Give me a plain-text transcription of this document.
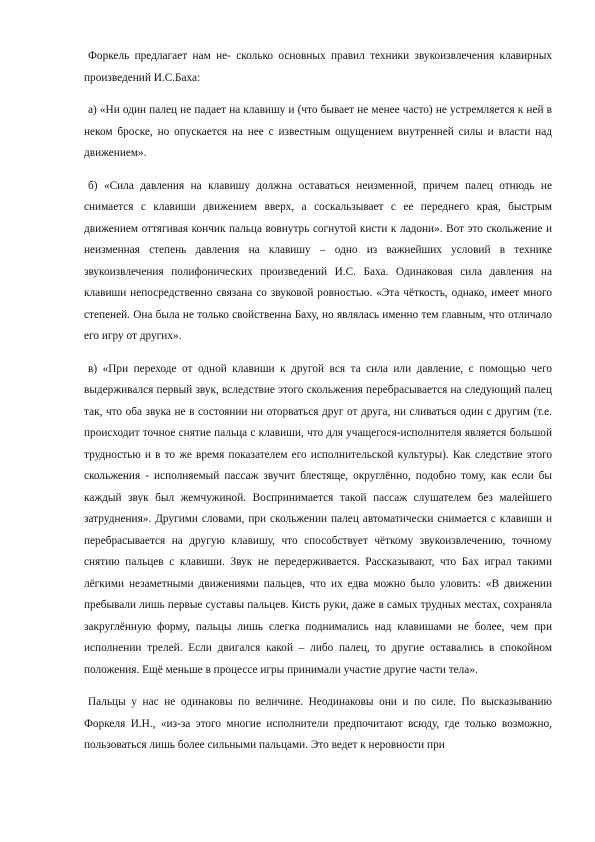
Форкель предлагает нам не- сколько основных правил техники звукоизвлечения клавирных произведений И.С.Баха:

а) «Ни один палец не падает на клавишу и (что бывает не менее часто) не устремляется к ней в неком броске, но опускается на нее с известным ощущением внутренней силы и власти над движением».

б) «Сила давления на клавишу должна оставаться неизменной, причем палец отнюдь не снимается с клавиши движением вверх, а соскальзывает с ее переднего края, быстрым движением оттягивая кончик пальца вовнутрь согнутой кисти к ладони». Вот это скольжение и неизменная степень давления на клавишу – одно из важнейших условий в технике звукоизвлечения полифонических произведений И.С. Баха. Одинаковая сила давления на клавиши непосредственно связана со звуковой ровностью. «Эта чёткость, однако, имеет много степеней. Она была не только свойственна Баху, но являлась именно тем главным, что отличало его игру от других».

в) «При переходе от одной клавиши к другой вся та сила или давление, с помощью чего выдерживался первый звук, вследствие этого скольжения перебрасывается на следующий палец так, что оба звука не в состоянии ни оторваться друг от друга, ни сливаться один с другим (т.е. происходит точное снятие пальца с клавиши, что для учащегося-исполнителя является большой трудностью и в то же время показателем его исполнительской культуры). Как следствие этого скольжения - исполняемый пассаж звучит блестяще, округлённо, подобно тому, как если бы каждый звук был жемчужиной. Воспринимается такой пассаж слушателем без малейшего затруднения». Другими словами, при скольжении палец автоматически снимается с клавиши и перебрасывается на другую клавишу, что способствует чёткому звукоизвлечению, точному снятию пальцев с клавиши. Звук не передерживается. Рассказывают, что Бах играл такими лёгкими незаметными движениями пальцев, что их едва можно было уловить: «В движении пребывали лишь первые суставы пальцев. Кисть руки, даже в самых трудных местах, сохраняла закруглённую форму, пальцы лишь слегка поднимались над клавишами не более, чем при исполнении трелей. Если двигался какой – либо палец, то другие оставались в спокойном положения. Ещё меньше в процессе игры принимали участие другие части тела».

Пальцы у нас не одинаковы по величине. Неодинаковы они и по силе. По высказыванию Форкеля И.Н., «из-за этого многие исполнители предпочитают всюду, где только возможно, пользоваться лишь более сильными пальцами. Это ведет к неровности при
